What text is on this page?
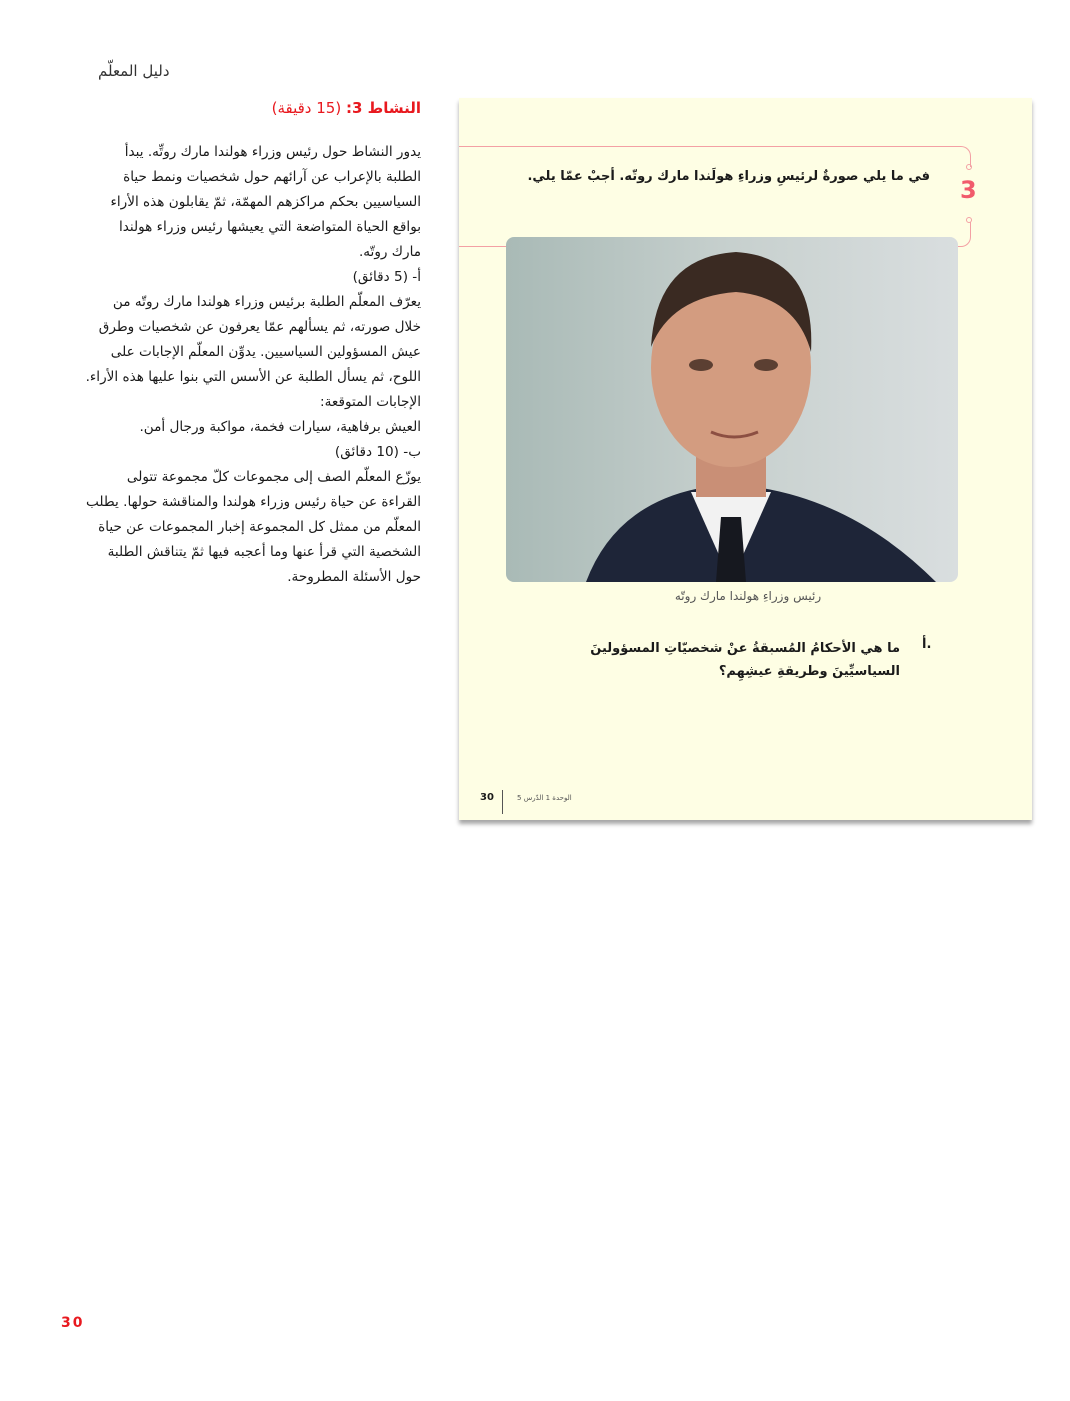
دليل المعلّم
النشاط 3: (15 دقيقة)
يدور النشاط حول رئيس وزراء هولندا مارك روتِّه. يبدأ
الطلبة بالإعراب عن آرائهم حول شخصيات ونمط حياة
السياسيين بحكم مراكزهم المهمّة، ثمّ يقابلون هذه الأراء
بواقع الحياة المتواضعة التي يعيشها رئيس وزراء هولندا
مارك روتّه.
أ- (5 دقائق)
يعرّف المعلّم الطلبة برئيس وزراء هولندا مارك روتّه من
خلال صورته، ثم يسألهم عمّا يعرفون عن شخصيات وطرق
عيش المسؤولين السياسيين. يدوِّن المعلّم الإجابات على
اللوح، ثم يسأل الطلبة عن الأسس التي بنوا عليها هذه الأراء.
الإجابات المتوقعة:
العيش برفاهية، سيارات فخمة، مواكبة ورجال أمن.
ب- (10 دقائق)
يوزّع المعلّم الصف إلى مجموعات كلّ مجموعة تتولى
القراءة عن حياة رئيس وزراء هولندا والمناقشة حولها. يطلب
المعلّم من ممثل كل المجموعة إخبار المجموعات عن حياة
الشخصية التي قرأ عنها وما أعجبه فيها ثمّ يتناقش الطلبة
حول الأسئلة المطروحة.
3
في ما يلي صورةٌ لرئيسِ وزراءِ هولَندا مارك روتّه. أجبْ عمّا يلي.
رئيس وزراءِ هولندا مارك روتّه
أ.
ما هي الأحكامُ المُسبقةُ عنْ شخصيّاتِ المسؤولينَ السياسيِّينَ وطريقةِ عيشِهِم؟
30	الوحدة 1 الدّرس 5
30
